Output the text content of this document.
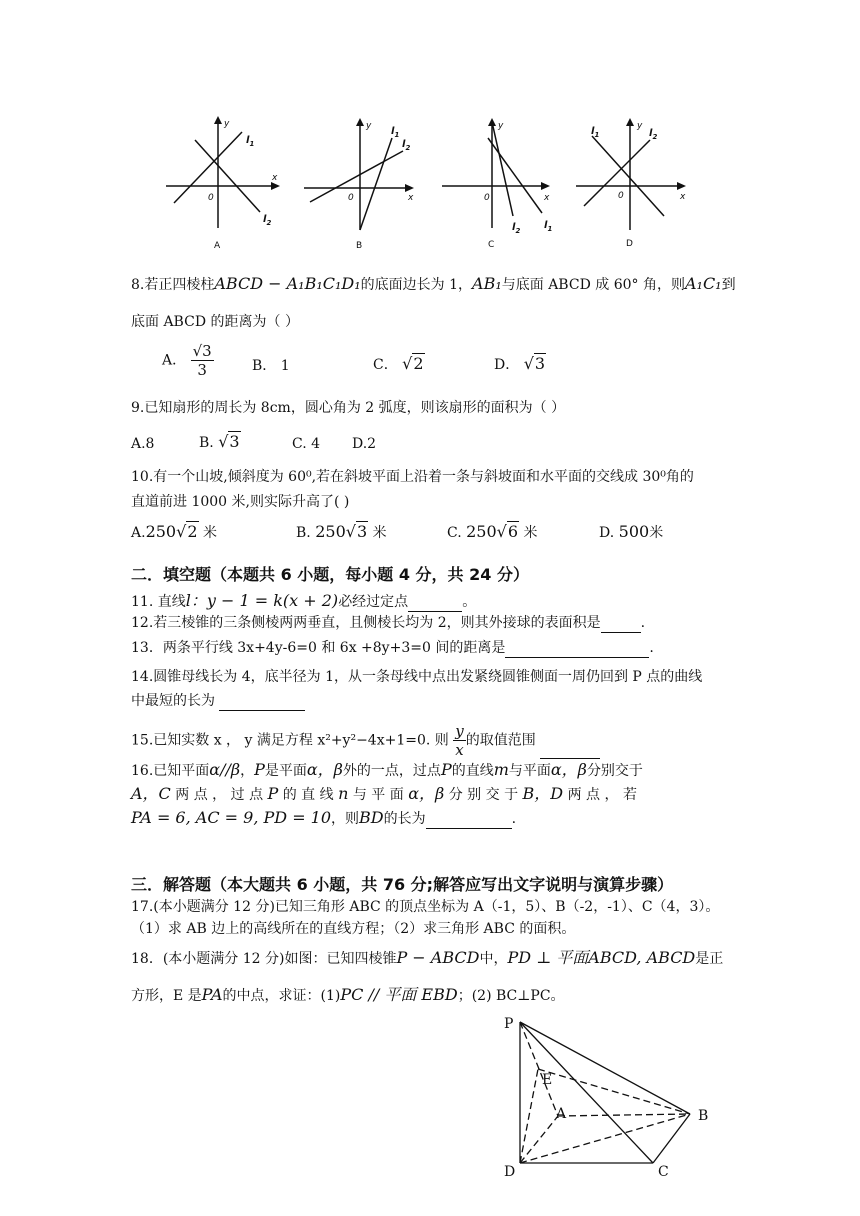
y
x
0
$l_1$
$l_2$
A
y
x
0
$l_1$
$l_2$
B
y
x
0
$l_1$
$l_2$
C
y
x
0
$l_1$	$l_2$
D
8.若正四棱柱ABCD − A₁B₁C₁D₁的底面边长为 1，AB₁与底面 ABCD 成 60° 角，则A₁C₁到
底面 ABCD 的距离为（ ）
A． $\frac{√3}{3}$	B． 1	C． √2	D． √3
9.已知扇形的周长为 8cm，圆心角为 2 弧度，则该扇形的面积为（ ）
A.8	B. √3	C. 4 D.2
10.有一个山坡,倾斜度为 60⁰,若在斜坡平面上沿着一条与斜坡面和水平面的交线成 30⁰角的
直道前进 1000 米,则实际升高了( )
A.250√2 米	B. 250√3 米	C. 250√6 米	D. 500米
二．填空题（本题共 6 小题，每小题 4 分，共 24 分）
11. 直线l：y − 1 = k(x + 2)必经过定点	。
12.若三棱锥的三条侧棱两两垂直，且侧棱长均为 2，则其外接球的表面积是	.
13．两条平行线 3x+4y-6=0 和 6x +8y+3=0 间的距离是	.
14.圆锥母线长为 4，底半径为 1，从一条母线中点出发紧绕圆锥侧面一周仍回到 P 点的曲线
中最短的长为
15.已知实数 x ， y 满足方程 x²+y²−4x+1=0. 则 $\frac{y}{x}$ 的取值范围
16.已知平面α//β，P是平面α，β外的一点，过点P的直线m与平面α，β分别交于
A，C 两 点 ， 过 点 P 的 直 线 n 与 平 面 α，β 分 别 交 于 B，D 两 点 ， 若
PA = 6, AC = 9, PD = 10，则BD的长为	.
三．解答题（本大题共 6 小题，共 76 分;解答应写出文字说明与演算步骤）
17.(本小题满分 12 分)已知三角形 ABC 的顶点坐标为 A（-1，5）、B（-2，-1）、C（4，3）。
（1）求 AB 边上的高线所在的直线方程；（2）求三角形 ABC 的面积。
18．(本小题满分 12 分)如图：已知四棱锥P − ABCD中，PD ⊥ 平面ABCD, ABCD是正
方形，E 是PA的中点，求证：(1)PC // 平面 EBD；(2) BC⊥PC。
P
E
A	B
D	C
